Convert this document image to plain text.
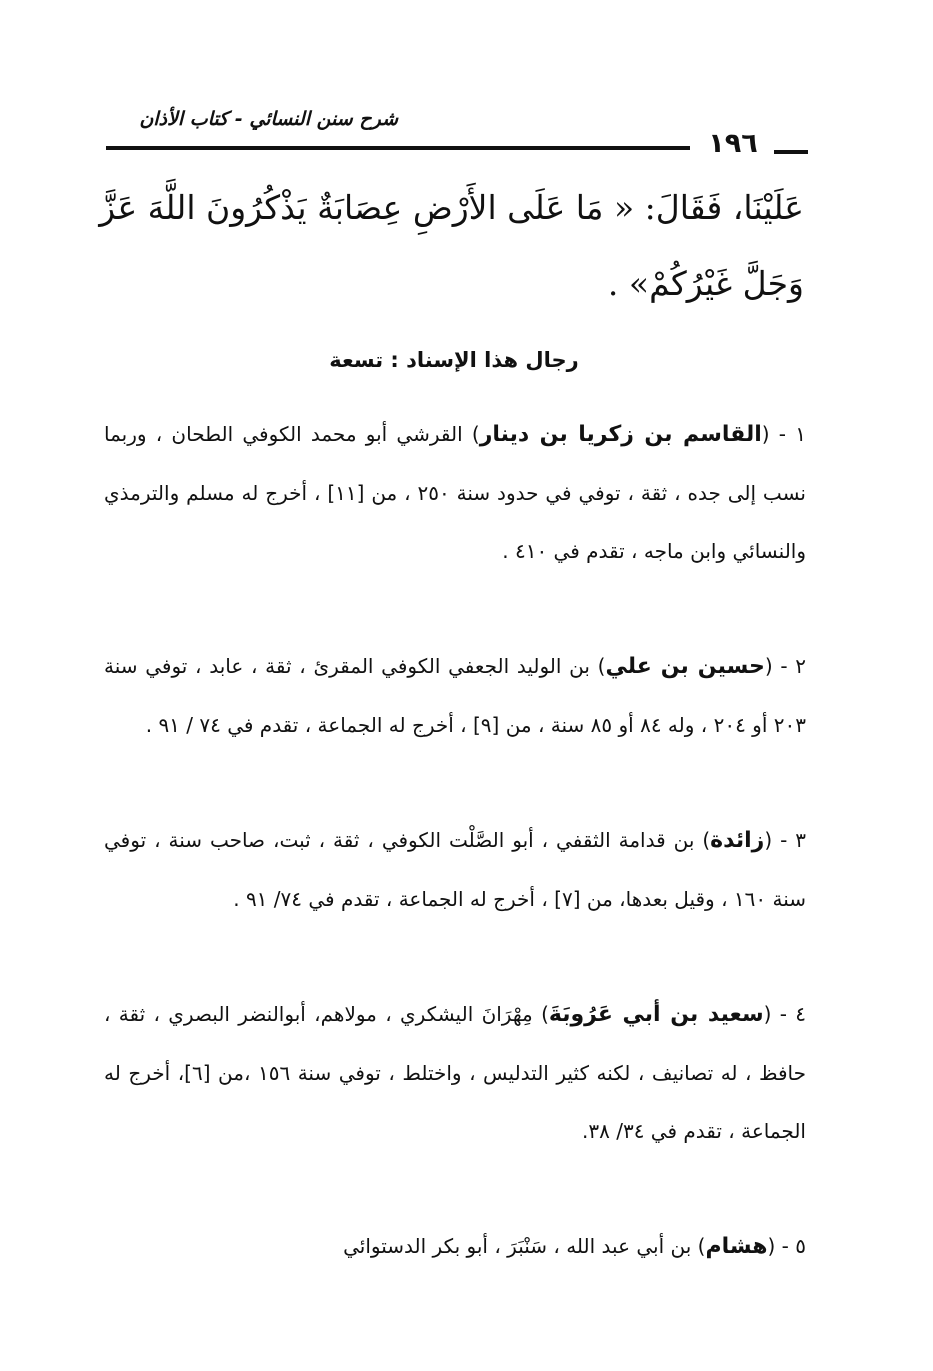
شرح سنن النسائي - كتاب الأذان
١٩٦
عَلَيْنَا، فَقَالَ: « مَا عَلَى الأَرْضِ عِصَابَةٌ يَذْكُرُونَ اللَّهَ عَزَّ
وَجَلَّ غَيْرُكُمْ» .
رجال هذا الإسناد : تسعة
١ - (القاسم بن زكريا بن دينار) القرشي أبو محمد الكوفي الطحان ، وربما نسب إلى جده ، ثقة ، توفي في حدود سنة ٢٥٠ ، من [١١] ، أخرج له مسلم والترمذي والنسائي وابن ماجه ، تقدم في ٤١٠ .
٢ - (حسين بن علي) بن الوليد الجعفي الكوفي المقرئ ، ثقة ، عابد ، توفي سنة ٢٠٣ أو ٢٠٤ ، وله ٨٤ أو ٨٥ سنة ، من [٩] ، أخرج له الجماعة ، تقدم في ٧٤ / ٩١ .
٣ - (زائدة) بن قدامة الثقفي ، أبو الصَّلْت الكوفي ، ثقة ، ثبت، صاحب سنة ، توفي سنة ١٦٠ ، وقيل بعدها، من [٧] ، أخرج له الجماعة ، تقدم في ٧٤/ ٩١ .
٤ - (سعيد بن أبي عَرُوبَةَ) مِهْرَانَ اليشكري ، مولاهم، أبوالنضر البصري ، ثقة ، حافظ ، له تصانيف ، لكنه كثير التدليس ، واختلط ، توفي سنة ١٥٦ ،من [٦]، أخرج له الجماعة ، تقدم في ٣٤/ ٣٨.
٥ - (هشام) بن أبي عبد الله ، سَنْبَرَ ، أبو بكر الدستوائي
